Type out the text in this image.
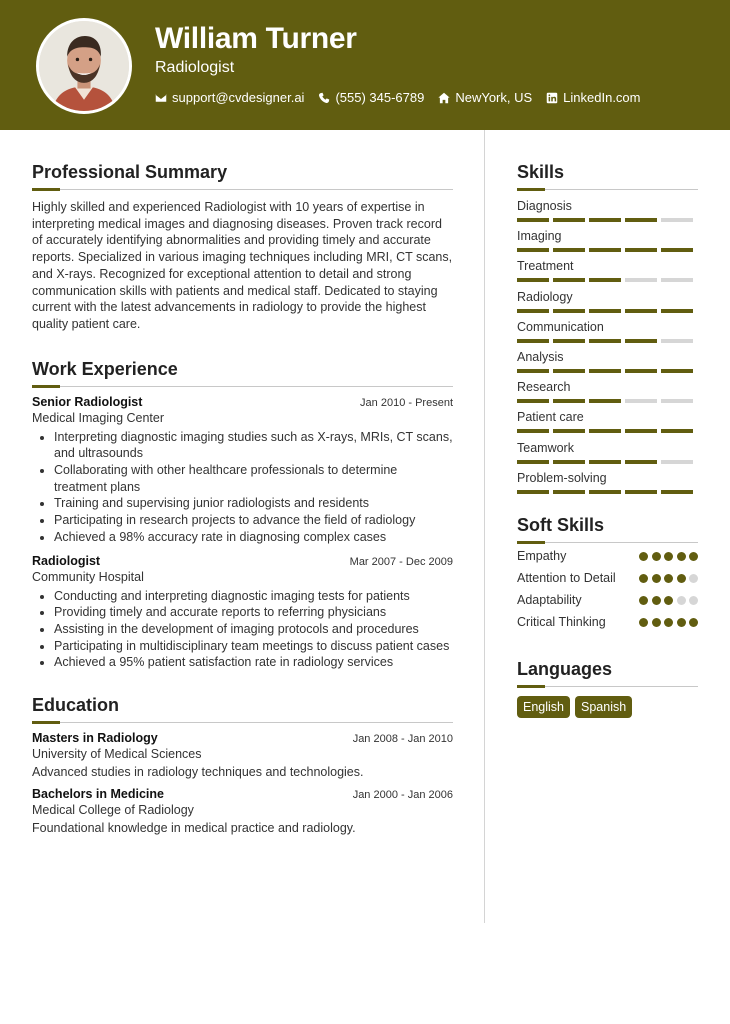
William Turner
Radiologist
support@cvdesigner.ai (555) 345-6789 NewYork, US LinkedIn.com
Professional Summary

Highly skilled and experienced Radiologist with 10 years of expertise in interpreting medical images and diagnosing diseases. Proven track record of accurately identifying abnormalities and providing timely and accurate reports. Specialized in various imaging techniques including MRI, CT scans, and X-rays. Recognized for exceptional attention to detail and strong communication skills with patients and medical staff. Dedicated to staying current with the latest advancements in radiology to provide the highest quality patient care.

Work Experience
Senior Radiologist	Jan 2010 - Present
Medical Imaging Center
• Interpreting diagnostic imaging studies such as X-rays, MRIs, CT scans, and ultrasounds
• Collaborating with other healthcare professionals to determine treatment plans
• Training and supervising junior radiologists and residents
• Participating in research projects to advance the field of radiology
• Achieved a 98% accuracy rate in diagnosing complex cases
Radiologist	Mar 2007 - Dec 2009
Community Hospital
• Conducting and interpreting diagnostic imaging tests for patients
• Providing timely and accurate reports to referring physicians
• Assisting in the development of imaging protocols and procedures
• Participating in multidisciplinary team meetings to discuss patient cases
• Achieved a 95% patient satisfaction rate in radiology services
Education
Masters in Radiology	Jan 2008 - Jan 2010
University of Medical Sciences
Advanced studies in radiology techniques and technologies.
Bachelors in Medicine	Jan 2000 - Jan 2006
Medical College of Radiology
Foundational knowledge in medical practice and radiology.
Skills
Diagnosis
Imaging
Treatment
Radiology
Communication
Analysis
Research
Patient care
Teamwork
Problem-solving
Soft Skills
Empathy
Attention to Detail
Adaptability
Critical Thinking
Languages
English	Spanish
